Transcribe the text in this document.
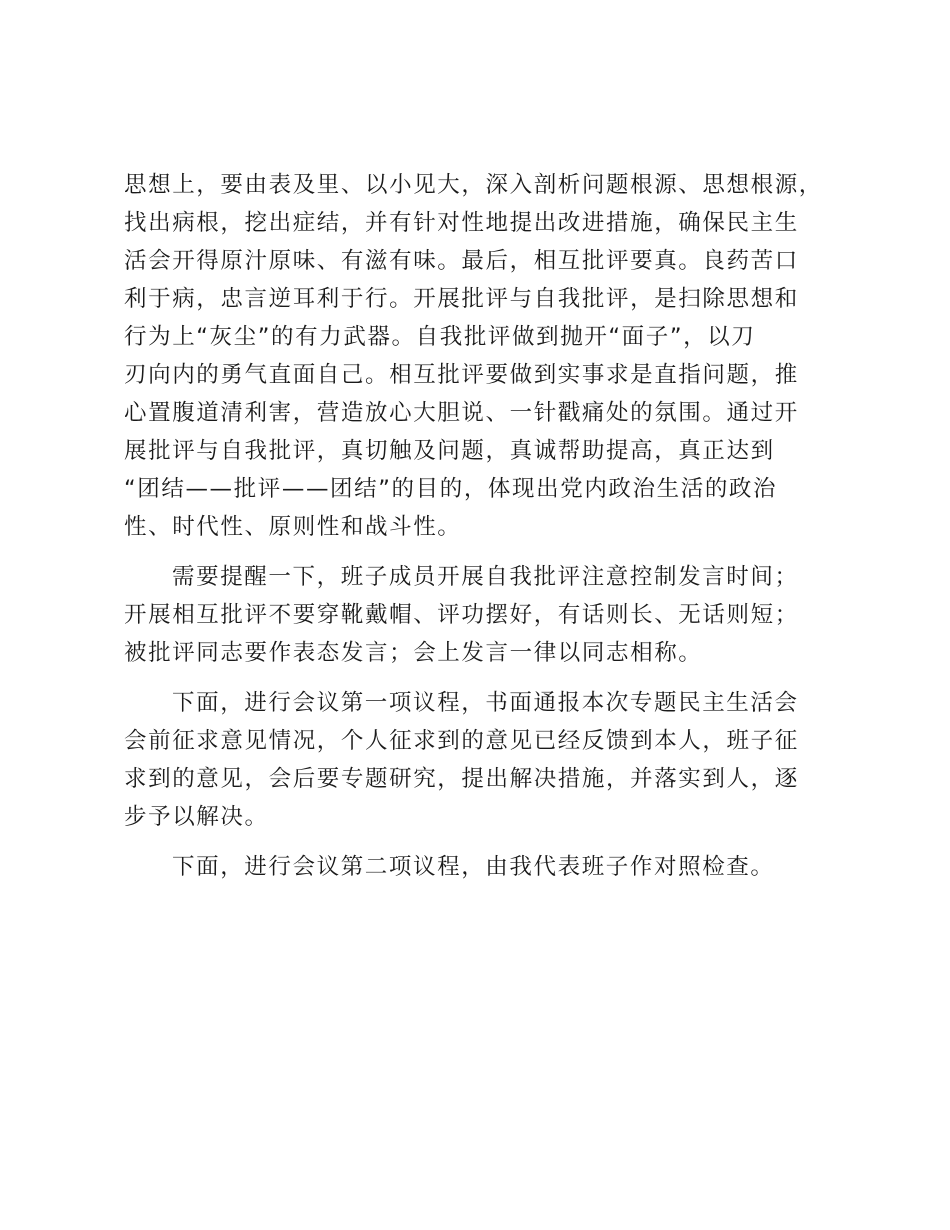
思想上，要由表及里、以小见大，深入剖析问题根源、思想根源，
找出病根，挖出症结，并有针对性地提出改进措施，确保民主生
活会开得原汁原味、有滋有味。最后，相互批评要真。良药苦口
利于病，忠言逆耳利于行。开展批评与自我批评，是扫除思想和
行为上“灰尘”的有力武器。自我批评做到抛开“面子”，以刀
刃向内的勇气直面自己。相互批评要做到实事求是直指问题，推
心置腹道清利害，营造放心大胆说、一针戳痛处的氛围。通过开
展批评与自我批评，真切触及问题，真诚帮助提高，真正达到
“团结——批评——团结”的目的，体现出党内政治生活的政治
性、时代性、原则性和战斗性。
需要提醒一下，班子成员开展自我批评注意控制发言时间；
开展相互批评不要穿靴戴帽、评功摆好，有话则长、无话则短；
被批评同志要作表态发言；会上发言一律以同志相称。
下面，进行会议第一项议程，书面通报本次专题民主生活会
会前征求意见情况，个人征求到的意见已经反馈到本人，班子征
求到的意见，会后要专题研究，提出解决措施，并落实到人，逐
步予以解决。
下面，进行会议第二项议程，由我代表班子作对照检查。
